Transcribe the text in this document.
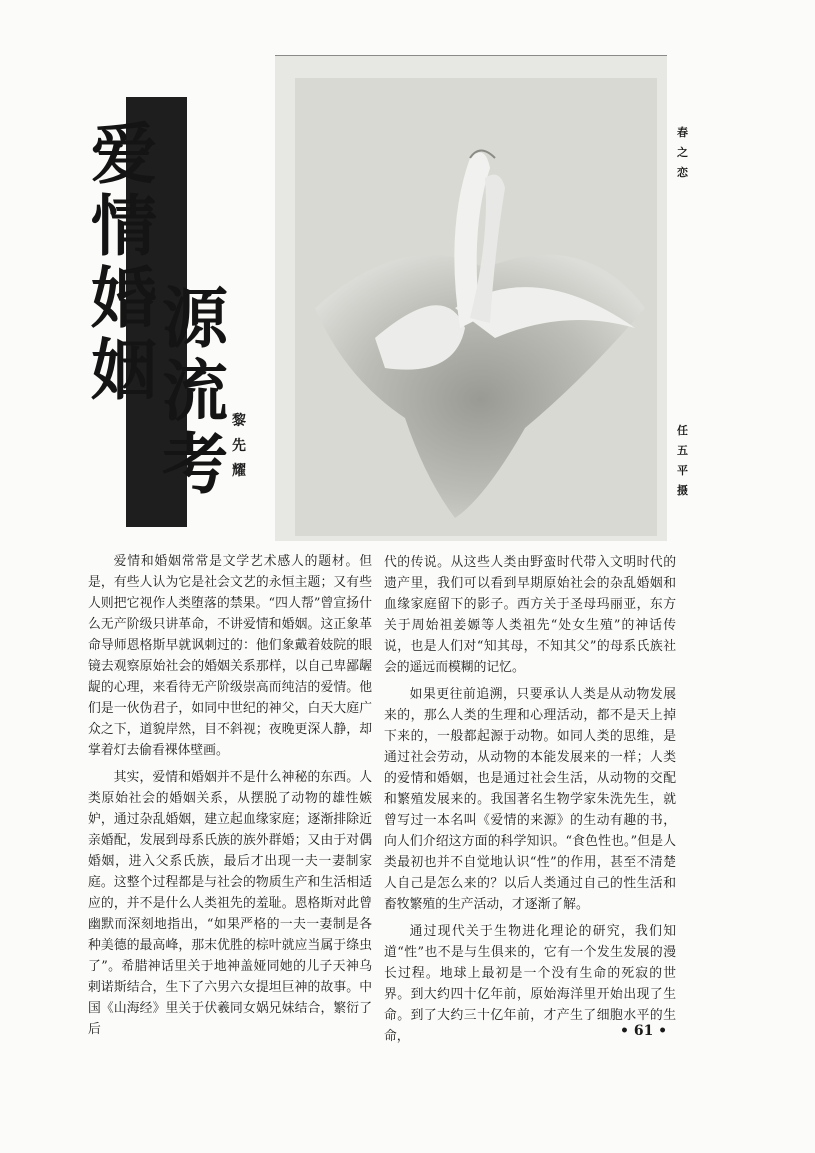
爱
情
婚
姻
源
流
考
黎
先
耀
春
之
恋
任
五
平
摄

爱情和婚姻常常是文学艺术感人的题材。但是，有些人认为它是社会文艺的永恒主题；又有些人则把它视作人类堕落的禁果。“四人帮”曾宣扬什么无产阶级只讲革命，不讲爱情和婚姻。这正象革命导师恩格斯早就讽刺过的：他们象戴着妓院的眼镜去观察原始社会的婚姻关系那样，以自己卑鄙龌龊的心理，来看待无产阶级崇高而纯洁的爱情。他们是一伙伪君子，如同中世纪的神父，白天大庭广众之下，道貌岸然，目不斜视；夜晚更深人静，却掌着灯去偷看裸体壁画。

其实，爱情和婚姻并不是什么神秘的东西。人类原始社会的婚姻关系，从摆脱了动物的雄性嫉妒，通过杂乱婚姻，建立起血缘家庭；逐渐排除近亲婚配，发展到母系氏族的族外群婚；又由于对偶婚姻，进入父系氏族，最后才出现一夫一妻制家庭。这整个过程都是与社会的物质生产和生活相适应的，并不是什么人类祖先的羞耻。恩格斯对此曾幽默而深刻地指出，“如果严格的一夫一妻制是各种美德的最高峰，那末优胜的棕叶就应当属于绦虫了”。希腊神话里关于地神盖娅同她的儿子天神乌剌诺斯结合，生下了六男六女提坦巨神的故事。中国《山海经》里关于伏羲同女娲兄妹结合，繁衍了后

代的传说。从这些人类由野蛮时代带入文明时代的遗产里，我们可以看到早期原始社会的杂乱婚姻和血缘家庭留下的影子。西方关于圣母玛丽亚，东方关于周始祖姜嫄等人类祖先“处女生殖”的神话传说，也是人们对“知其母，不知其父”的母系氏族社会的遥远而模糊的记忆。

如果更往前追溯，只要承认人类是从动物发展来的，那么人类的生理和心理活动，都不是天上掉下来的，一般都起源于动物。如同人类的思维，是通过社会劳动，从动物的本能发展来的一样；人类的爱情和婚姻，也是通过社会生活，从动物的交配和繁殖发展来的。我国著名生物学家朱洗先生，就曾写过一本名叫《爱情的来源》的生动有趣的书，向人们介绍这方面的科学知识。“食色性也。”但是人类最初也并不自觉地认识“性”的作用，甚至不清楚人自己是怎么来的？以后人类通过自己的性生活和畜牧繁殖的生产活动，才逐渐了解。

通过现代关于生物进化理论的研究，我们知道“性”也不是与生俱来的，它有一个发生发展的漫长过程。地球上最初是一个没有生命的死寂的世界。到大约四十亿年前，原始海洋里开始出现了生命。到了大约三十亿年前，才产生了细胞水平的生命，	• 61 •
